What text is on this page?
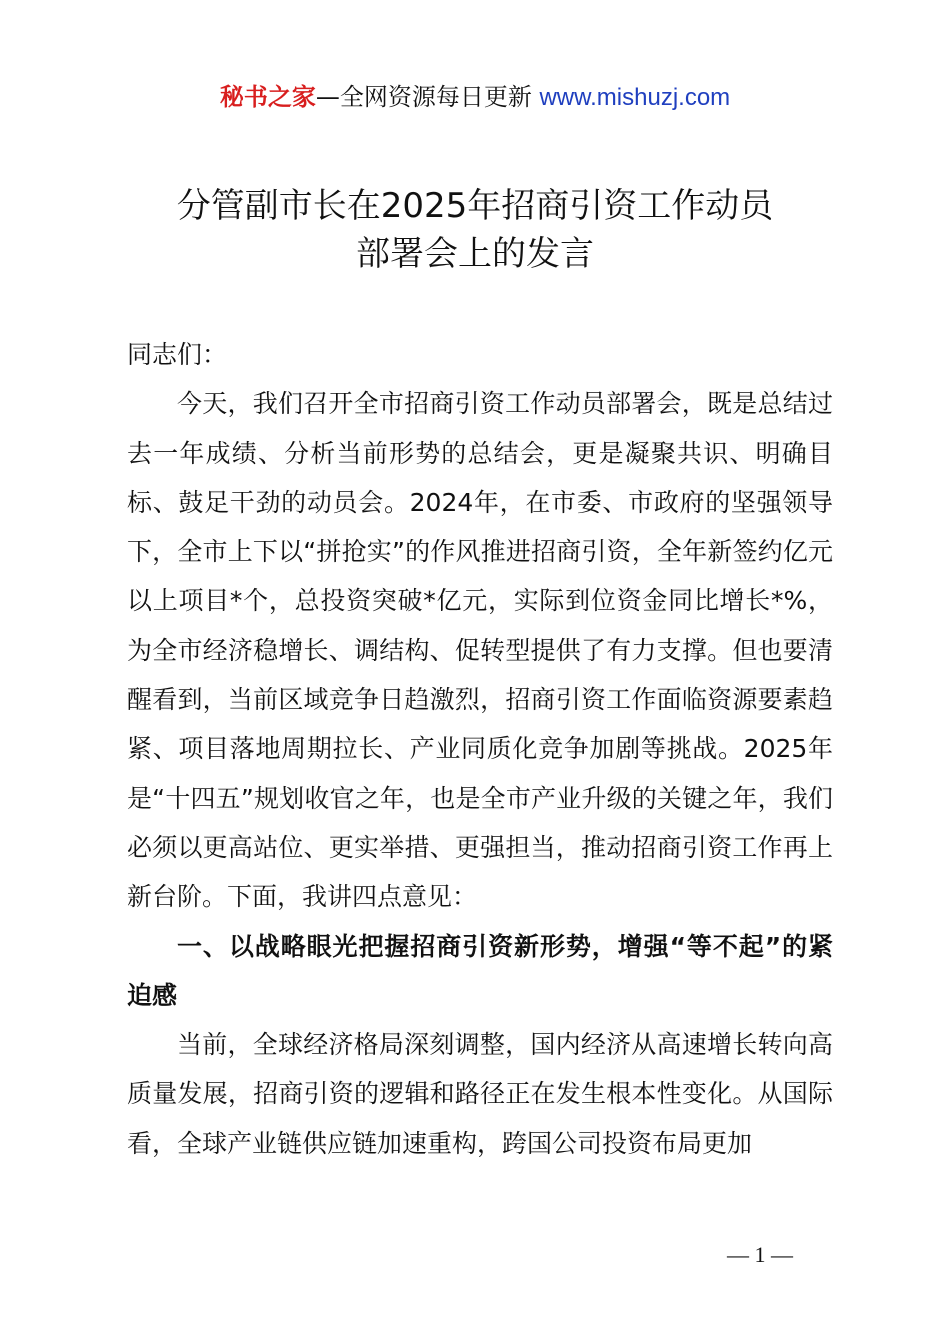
秘书之家—全网资源每日更新 www.mishuzj.com
分管副市长在2025年招商引资工作动员
部署会上的发言

同志们：

今天，我们召开全市招商引资工作动员部署会，既是总结过去一年成绩、分析当前形势的总结会，更是凝聚共识、明确目标、鼓足干劲的动员会。2024年，在市委、市政府的坚强领导下，全市上下以“拼抢实”的作风推进招商引资，全年新签约亿元以上项目*个，总投资突破*亿元，实际到位资金同比增长*%，为全市经济稳增长、调结构、促转型提供了有力支撑。但也要清醒看到，当前区域竞争日趋激烈，招商引资工作面临资源要素趋紧、项目落地周期拉长、产业同质化竞争加剧等挑战。2025年是“十四五”规划收官之年，也是全市产业升级的关键之年，我们必须以更高站位、更实举措、更强担当，推动招商引资工作再上新台阶。下面，我讲四点意见：

一、以战略眼光把握招商引资新形势，增强“等不起”的紧迫感

当前，全球经济格局深刻调整，国内经济从高速增长转向高质量发展，招商引资的逻辑和路径正在发生根本性变化。从国际看，全球产业链供应链加速重构，跨国公司投资布局更加

— 1 —
